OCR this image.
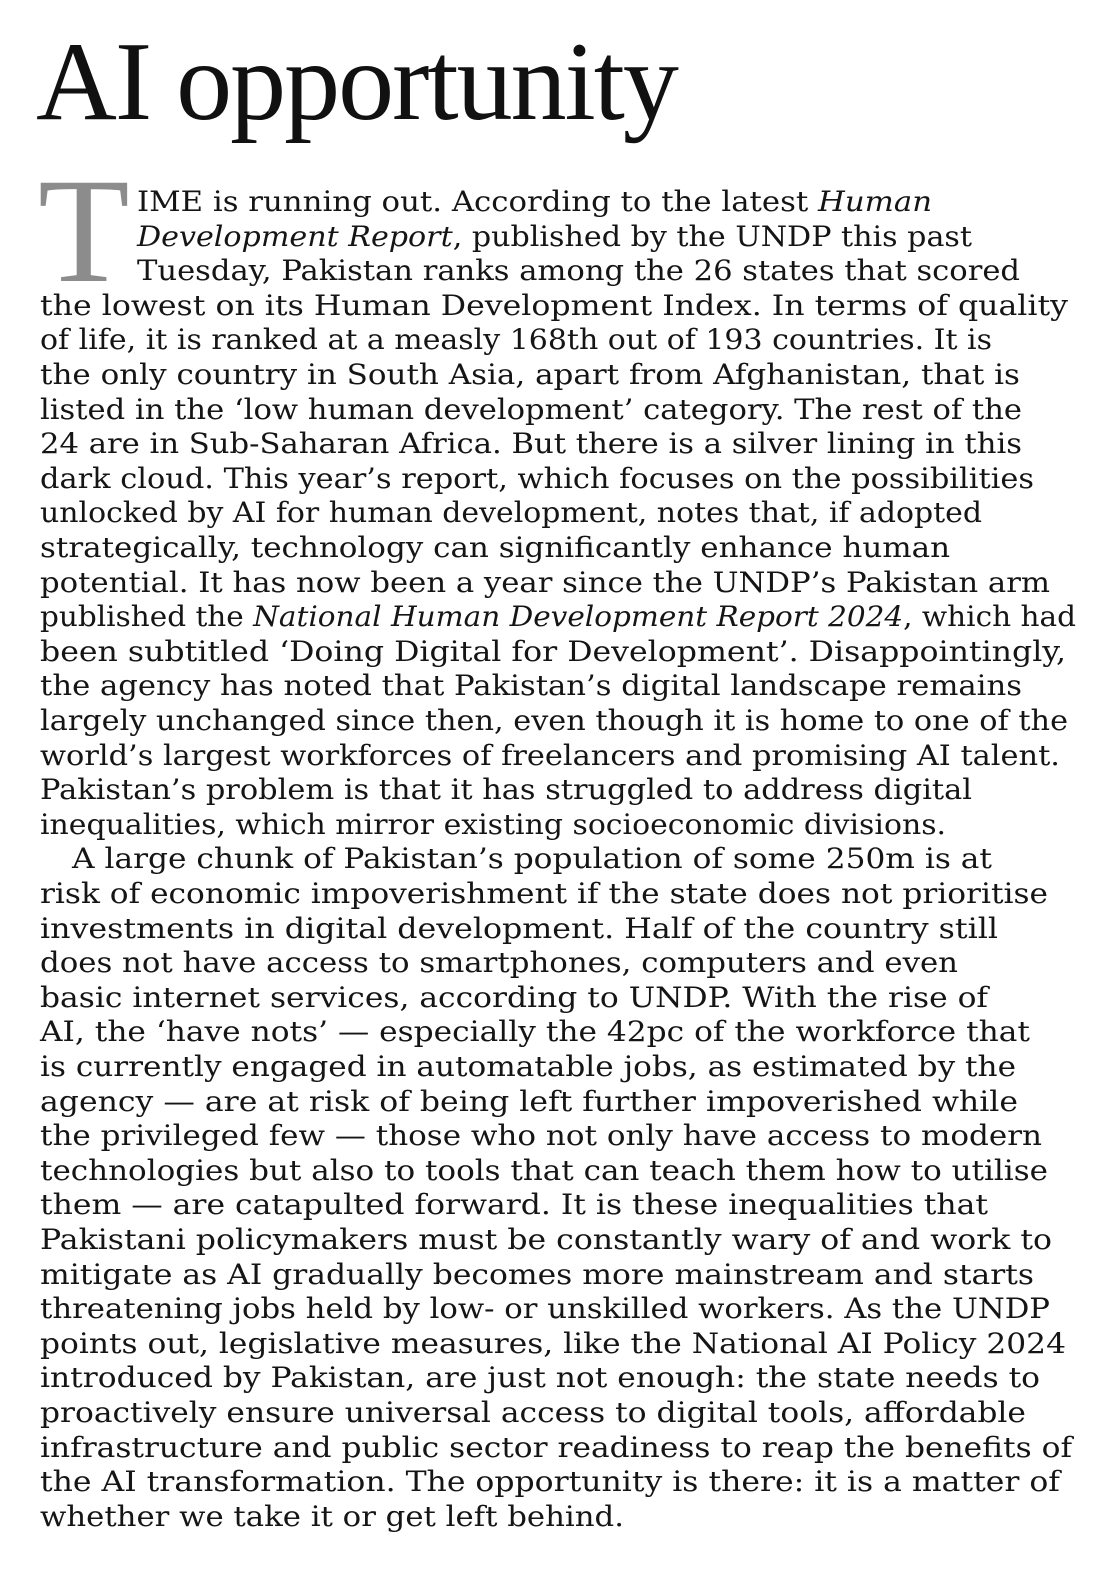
AI opportunity
T IME is running out. According to the latest Human
Development Report, published by the UNDP this past
Tuesday, Pakistan ranks among the 26 states that scored
the lowest on its Human Development Index. In terms of quality
of life, it is ranked at a measly 168th out of 193 countries. It is
the only country in South Asia, apart from Afghanistan, that is
listed in the ‘low human development’ category. The rest of the
24 are in Sub-Saharan Africa. But there is a silver lining in this
dark cloud. This year’s report, which focuses on the possibilities
unlocked by AI for human development, notes that, if adopted
strategically, technology can significantly enhance human
potential. It has now been a year since the UNDP’s Pakistan arm
published the National Human Development Report 2024, which had
been subtitled ‘Doing Digital for Development’. Disappointingly,
the agency has noted that Pakistan’s digital landscape remains
largely unchanged since then, even though it is home to one of the
world’s largest workforces of freelancers and promising AI talent.
Pakistan’s problem is that it has struggled to address digital
inequalities, which mirror existing socioeconomic divisions.
A large chunk of Pakistan’s population of some 250m is at
risk of economic impoverishment if the state does not prioritise
investments in digital development. Half of the country still
does not have access to smartphones, computers and even
basic internet services, according to UNDP. With the rise of
AI, the ‘have nots’ — especially the 42pc of the workforce that
is currently engaged in automatable jobs, as estimated by the
agency — are at risk of being left further impoverished while
the privileged few — those who not only have access to modern
technologies but also to tools that can teach them how to utilise
them — are catapulted forward. It is these inequalities that
Pakistani policymakers must be constantly wary of and work to
mitigate as AI gradually becomes more mainstream and starts
threatening jobs held by low- or unskilled workers. As the UNDP
points out, legislative measures, like the National AI Policy 2024
introduced by Pakistan, are just not enough: the state needs to
proactively ensure universal access to digital tools, affordable
infrastructure and public sector readiness to reap the benefits of
the AI transformation. The opportunity is there: it is a matter of
whether we take it or get left behind.
